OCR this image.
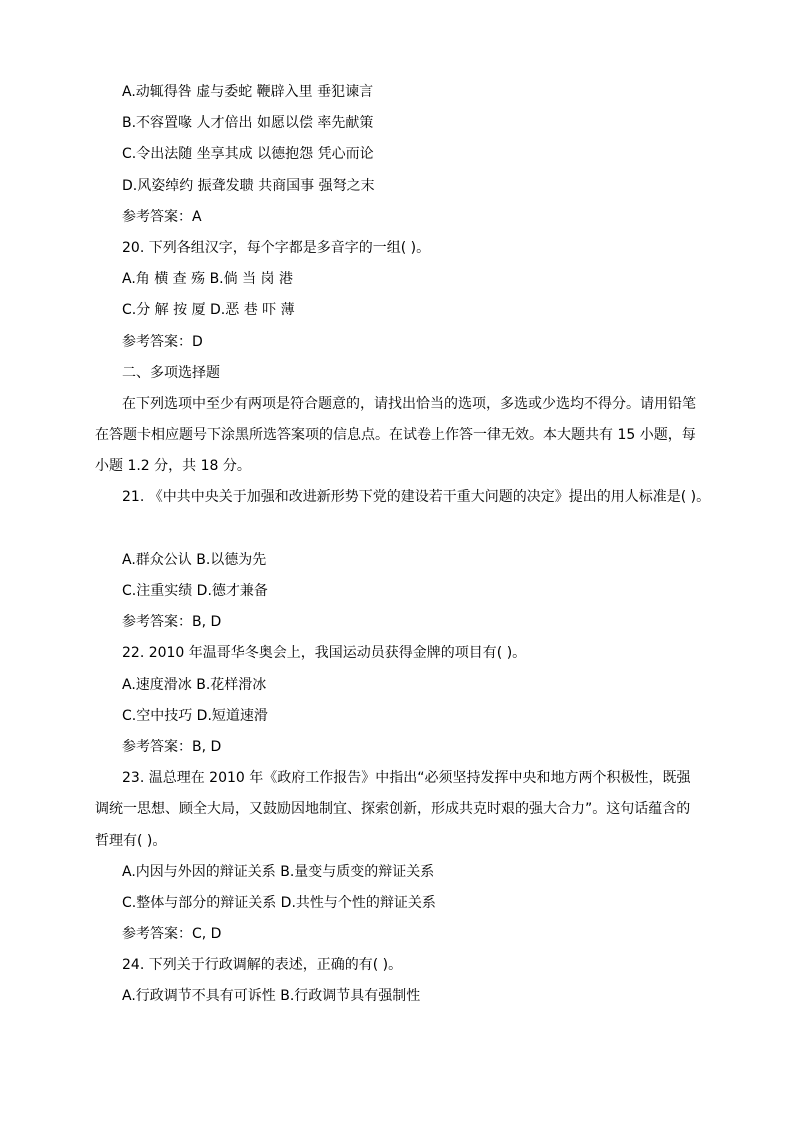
A.动辄得咎 虚与委蛇 鞭辟入里 垂犯谏言
B.不容置喙 人才倍出 如愿以偿 率先献策
C.令出法随 坐享其成 以德抱怨 凭心而论
D.风姿绰约 振聋发聩 共商国事 强弩之末
参考答案：A
20. 下列各组汉字，每个字都是多音字的一组( )。
A.角 横 查 殇 B.倘 当 岗 港
C.分 解 按 厦 D.恶 巷 吓 薄
参考答案：D
二、多项选择题
在下列选项中至少有两项是符合题意的，请找出恰当的选项，多选或少选均不得分。请用铅笔
在答题卡相应题号下涂黑所选答案项的信息点。在试卷上作答一律无效。本大题共有 15 小题，每
小题 1.2 分，共 18 分。
21. 《中共中央关于加强和改进新形势下党的建设若干重大问题的决定》提出的用人标准是( )。
A.群众公认 B.以德为先
C.注重实绩 D.德才兼备
参考答案：B, D
22. 2010 年温哥华冬奥会上，我国运动员获得金牌的项目有( )。
A.速度滑冰 B.花样滑冰
C.空中技巧 D.短道速滑
参考答案：B, D
23. 温总理在 2010 年《政府工作报告》中指出“必须坚持发挥中央和地方两个积极性，既强
调统一思想、顾全大局，又鼓励因地制宜、探索创新，形成共克时艰的强大合力”。这句话蕴含的
哲理有( )。
A.内因与外因的辩证关系 B.量变与质变的辩证关系
C.整体与部分的辩证关系 D.共性与个性的辩证关系
参考答案：C, D
24. 下列关于行政调解的表述，正确的有( )。
A.行政调节不具有可诉性 B.行政调节具有强制性
